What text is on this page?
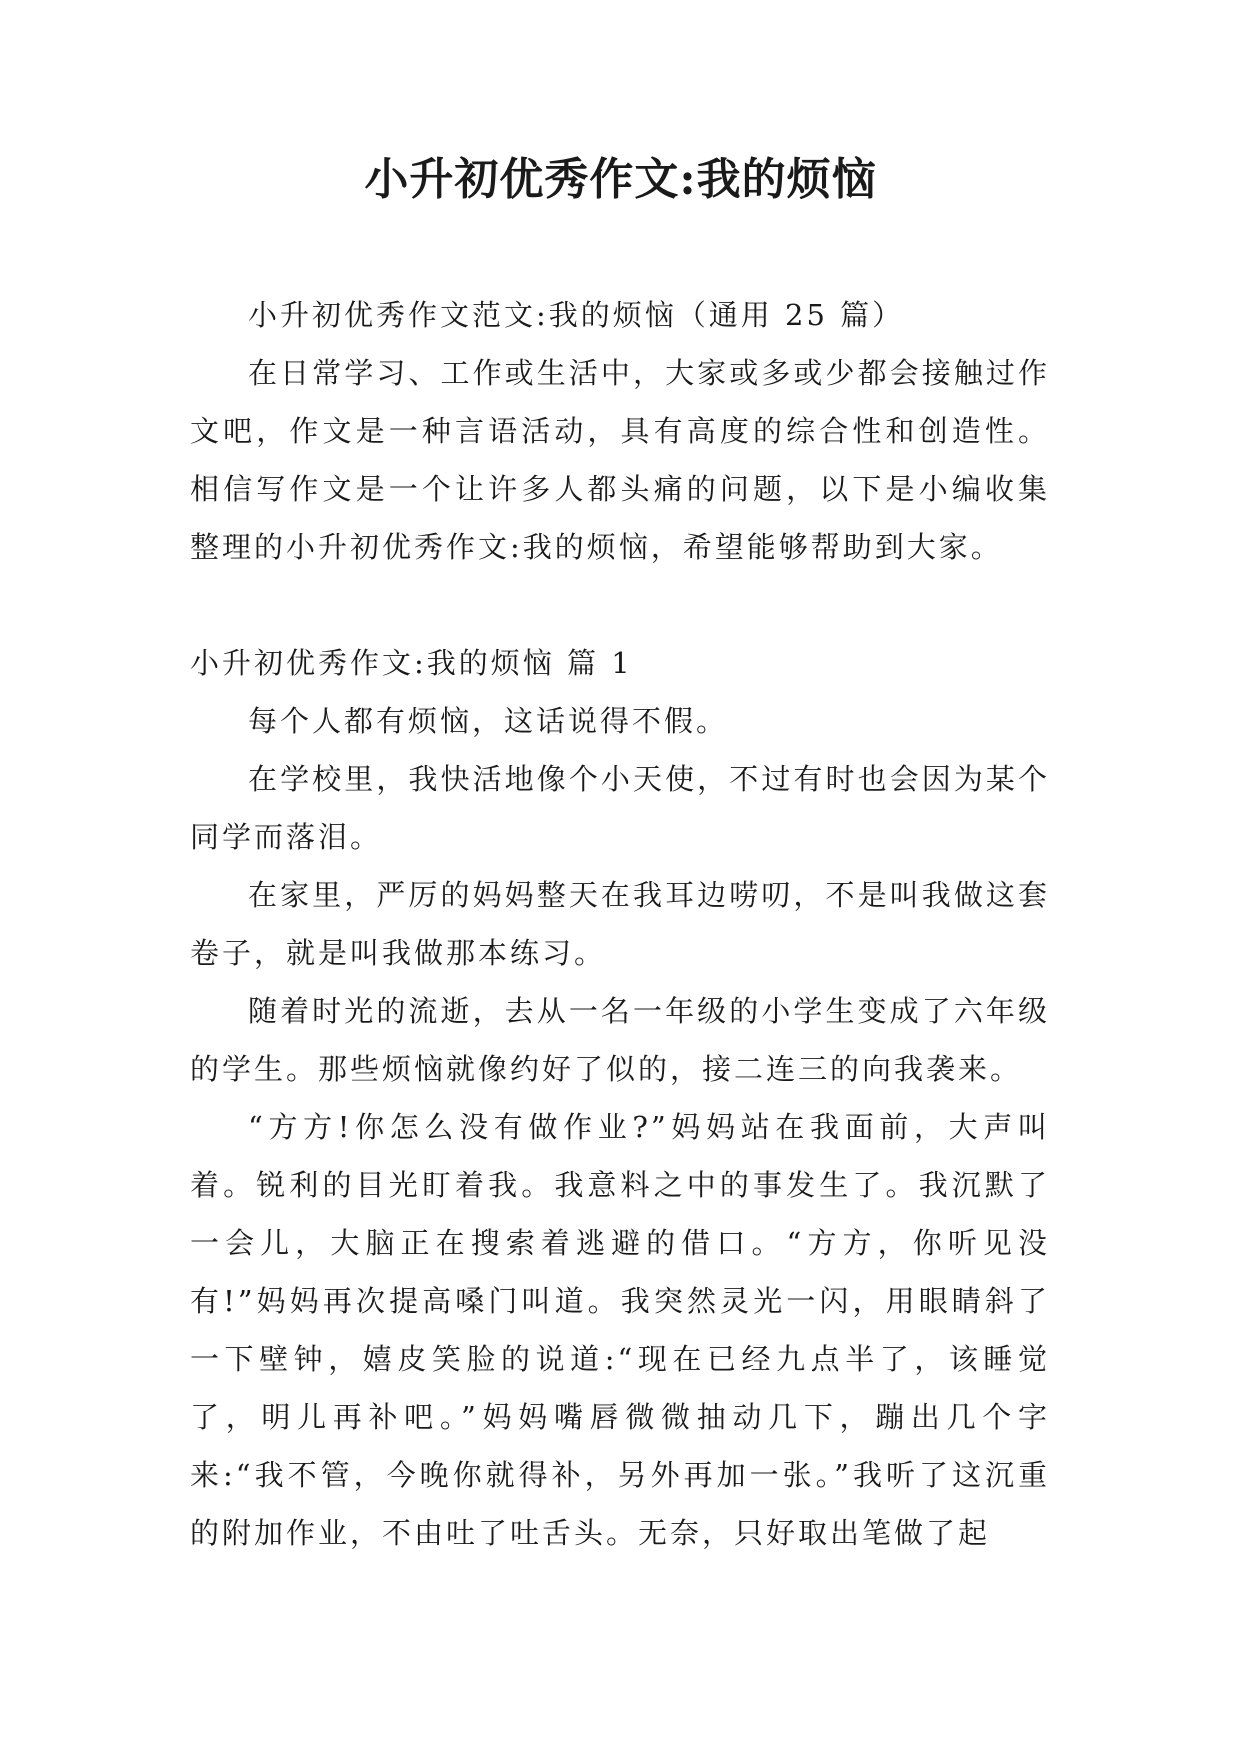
小升初优秀作文:我的烦恼

小升初优秀作文范文:我的烦恼（通用 25 篇）

在日常学习、工作或生活中，大家或多或少都会接触过作文吧，作文是一种言语活动，具有高度的综合性和创造性。相信写作文是一个让许多人都头痛的问题，以下是小编收集整理的小升初优秀作文:我的烦恼，希望能够帮助到大家。

小升初优秀作文:我的烦恼 篇 1

每个人都有烦恼，这话说得不假。

在学校里，我快活地像个小天使，不过有时也会因为某个同学而落泪。

在家里，严厉的妈妈整天在我耳边唠叨，不是叫我做这套卷子，就是叫我做那本练习。

随着时光的流逝，去从一名一年级的小学生变成了六年级的学生。那些烦恼就像约好了似的，接二连三的向我袭来。

“方方!你怎么没有做作业?”妈妈站在我面前，大声叫着。锐利的目光盯着我。我意料之中的事发生了。我沉默了一会儿，大脑正在搜索着逃避的借口。“方方，你听见没有!”妈妈再次提高嗓门叫道。我突然灵光一闪，用眼睛斜了一下壁钟，嬉皮笑脸的说道:“现在已经九点半了，该睡觉了，明儿再补吧。”妈妈嘴唇微微抽动几下，蹦出几个字来:“我不管，今晚你就得补，另外再加一张。”我听了这沉重的附加作业，不由吐了吐舌头。无奈，只好取出笔做了起
